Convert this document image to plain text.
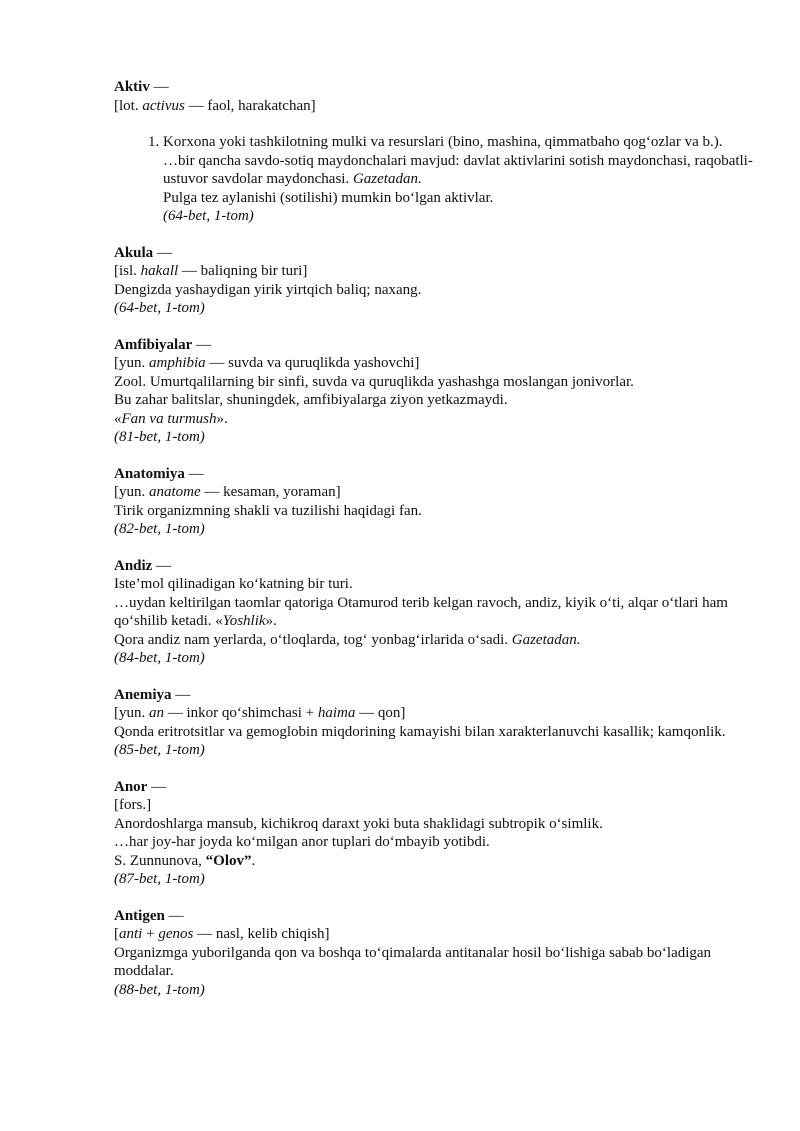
Aktiv —

[lot. activus — faol, harakatchan]

1. Korxona yoki tashkilotning mulki va resurslari (bino, mashina, qimmatbaho qog‘ozlar va b.).

…bir qancha savdo-sotiq maydonchalari mavjud: davlat aktivlarini sotish maydonchasi, raqobatli-ustuvor savdolar maydonchasi. Gazetadan.

Pulga tez aylanishi (sotilishi) mumkin bo‘lgan aktivlar.

(64-bet, 1-tom)

Akula —

[isl. hakall — baliqning bir turi]

Dengizda yashaydigan yirik yirtqich baliq; naxang.

(64-bet, 1-tom)

Amfibiyalar —

[yun. amphibia — suvda va quruqlikda yashovchi]

Zool. Umurtqalilarning bir sinfi, suvda va quruqlikda yashashga moslangan jonivorlar.

Bu zahar balitslar, shuningdek, amfibiyalarga ziyon yetkazmaydi.

«Fan va turmush».

(81-bet, 1-tom)

Anatomiya —

[yun. anatome — kesaman, yoraman]

Tirik organizmning shakli va tuzilishi haqidagi fan.

(82-bet, 1-tom)

Andiz —

Iste’mol qilinadigan ko‘katning bir turi.

…uydan keltirilgan taomlar qatoriga Otamurod terib kelgan ravoch, andiz, kiyik o‘ti, alqar o‘tlari ham qo‘shilib ketadi. «Yoshlik».

Qora andiz nam yerlarda, o‘tloqlarda, tog‘ yonbag‘irlarida o‘sadi. Gazetadan.

(84-bet, 1-tom)

Anemiya —

[yun. an — inkor qo‘shimchasi + haima — qon]

Qonda eritrotsitlar va gemoglobin miqdorining kamayishi bilan xarakterlanuvchi kasallik; kamqonlik.

(85-bet, 1-tom)

Anor —

[fors.]

Anordoshlarga mansub, kichikroq daraxt yoki buta shaklidagi subtropik o‘simlik.

…har joy-har joyda ko‘milgan anor tuplari do‘mbayib yotibdi.

S. Zunnunova, “Olov”.

(87-bet, 1-tom)

Antigen —

[anti + genos — nasl, kelib chiqish]

Organizmga yuborilganda qon va boshqa to‘qimalarda antitanalar hosil bo‘lishiga sabab bo‘ladigan moddalar.

(88-bet, 1-tom)
